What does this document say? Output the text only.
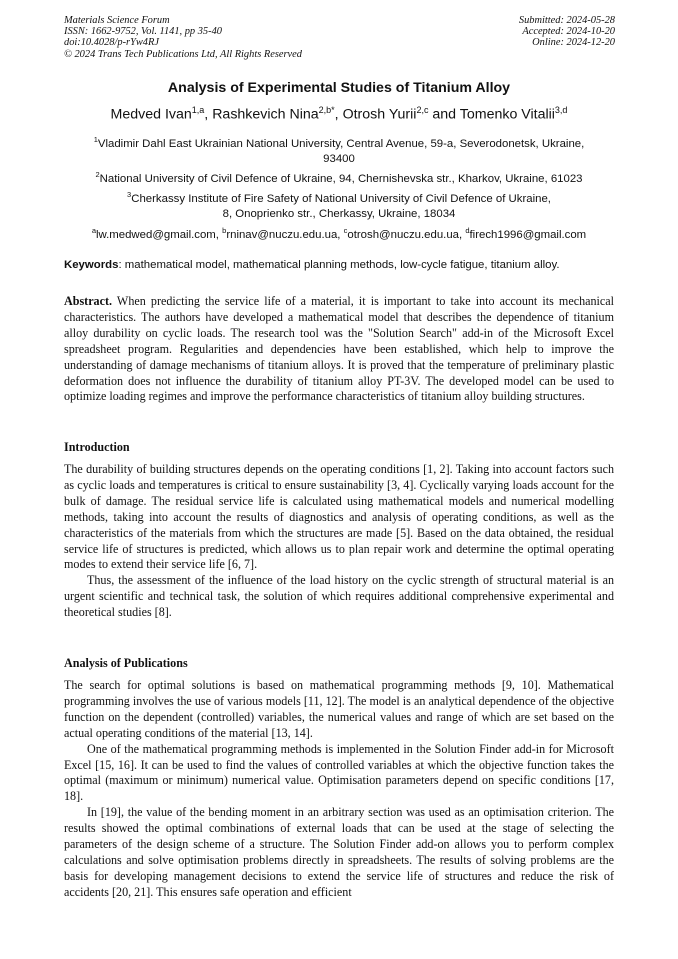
Materials Science Forum
ISSN: 1662-9752, Vol. 1141, pp 35-40
doi:10.4028/p-rYw4RJ
© 2024 Trans Tech Publications Ltd, All Rights Reserved
Submitted: 2024-05-28
Accepted: 2024-10-20
Online: 2024-12-20
Analysis of Experimental Studies of Titanium Alloy
Medved Ivan$^{1,a}$, Rashkevich Nina$^{2,b*}$, Otrosh Yurii$^{2,c}$ and Tomenko Vitalii$^{3,d}$
$^1$Vladimir Dahl East Ukrainian National University, Central Avenue, 59-a, Severodonetsk, Ukraine,
93400
$^2$National University of Civil Defence of Ukraine, 94, Chernishevska str., Kharkov, Ukraine, 61023
$^3$Cherkassy Institute of Fire Safety of National University of Civil Defence of Ukraine,
8, Onoprienko str., Cherkassy, Ukraine, 18034
$^a$lw.medwed@gmail.com, $^b$rninav@nuczu.edu.ua, $^c$otrosh@nuczu.edu.ua, $^d$firech1996@gmail.com
Keywords: mathematical model, mathematical planning methods, low-cycle fatigue, titanium alloy.

Abstract. When predicting the service life of a material, it is important to take into account its mechanical characteristics. The authors have developed a mathematical model that describes the dependence of titanium alloy durability on cyclic loads. The research tool was the "Solution Search" add-in of the Microsoft Excel spreadsheet program. Regularities and dependencies have been established, which help to improve the understanding of damage mechanisms of titanium alloys. It is proved that the temperature of preliminary plastic deformation does not influence the durability of titanium alloy PT-3V. The developed model can be used to optimize loading regimes and improve the performance characteristics of titanium alloy building structures.

Introduction

The durability of building structures depends on the operating conditions [1, 2]. Taking into account factors such as cyclic loads and temperatures is critical to ensure sustainability [3, 4]. Cyclically varying loads account for the bulk of damage. The residual service life is calculated using mathematical models and numerical modelling methods, taking into account the results of diagnostics and analysis of operating conditions, as well as the characteristics of the materials from which the structures are made [5]. Based on the data obtained, the residual service life of structures is predicted, which allows us to plan repair work and determine the optimal operating modes to extend their service life [6, 7].

Thus, the assessment of the influence of the load history on the cyclic strength of structural material is an urgent scientific and technical task, the solution of which requires additional comprehensive experimental and theoretical studies [8].

Analysis of Publications

The search for optimal solutions is based on mathematical programming methods [9, 10]. Mathematical programming involves the use of various models [11, 12]. The model is an analytical dependence of the objective function on the dependent (controlled) variables, the numerical values and range of which are set based on the actual operating conditions of the material [13, 14].

One of the mathematical programming methods is implemented in the Solution Finder add-in for Microsoft Excel [15, 16]. It can be used to find the values of controlled variables at which the objective function takes the optimal (maximum or minimum) numerical value. Optimisation parameters depend on specific conditions [17, 18].

In [19], the value of the bending moment in an arbitrary section was used as an optimisation criterion. The results showed the optimal combinations of external loads that can be used at the stage of selecting the parameters of the design scheme of a structure. The Solution Finder add-on allows you to perform complex calculations and solve optimisation problems directly in spreadsheets. The results of solving problems are the basis for developing management decisions to extend the service life of structures and reduce the risk of accidents [20, 21]. This ensures safe operation and efficient
